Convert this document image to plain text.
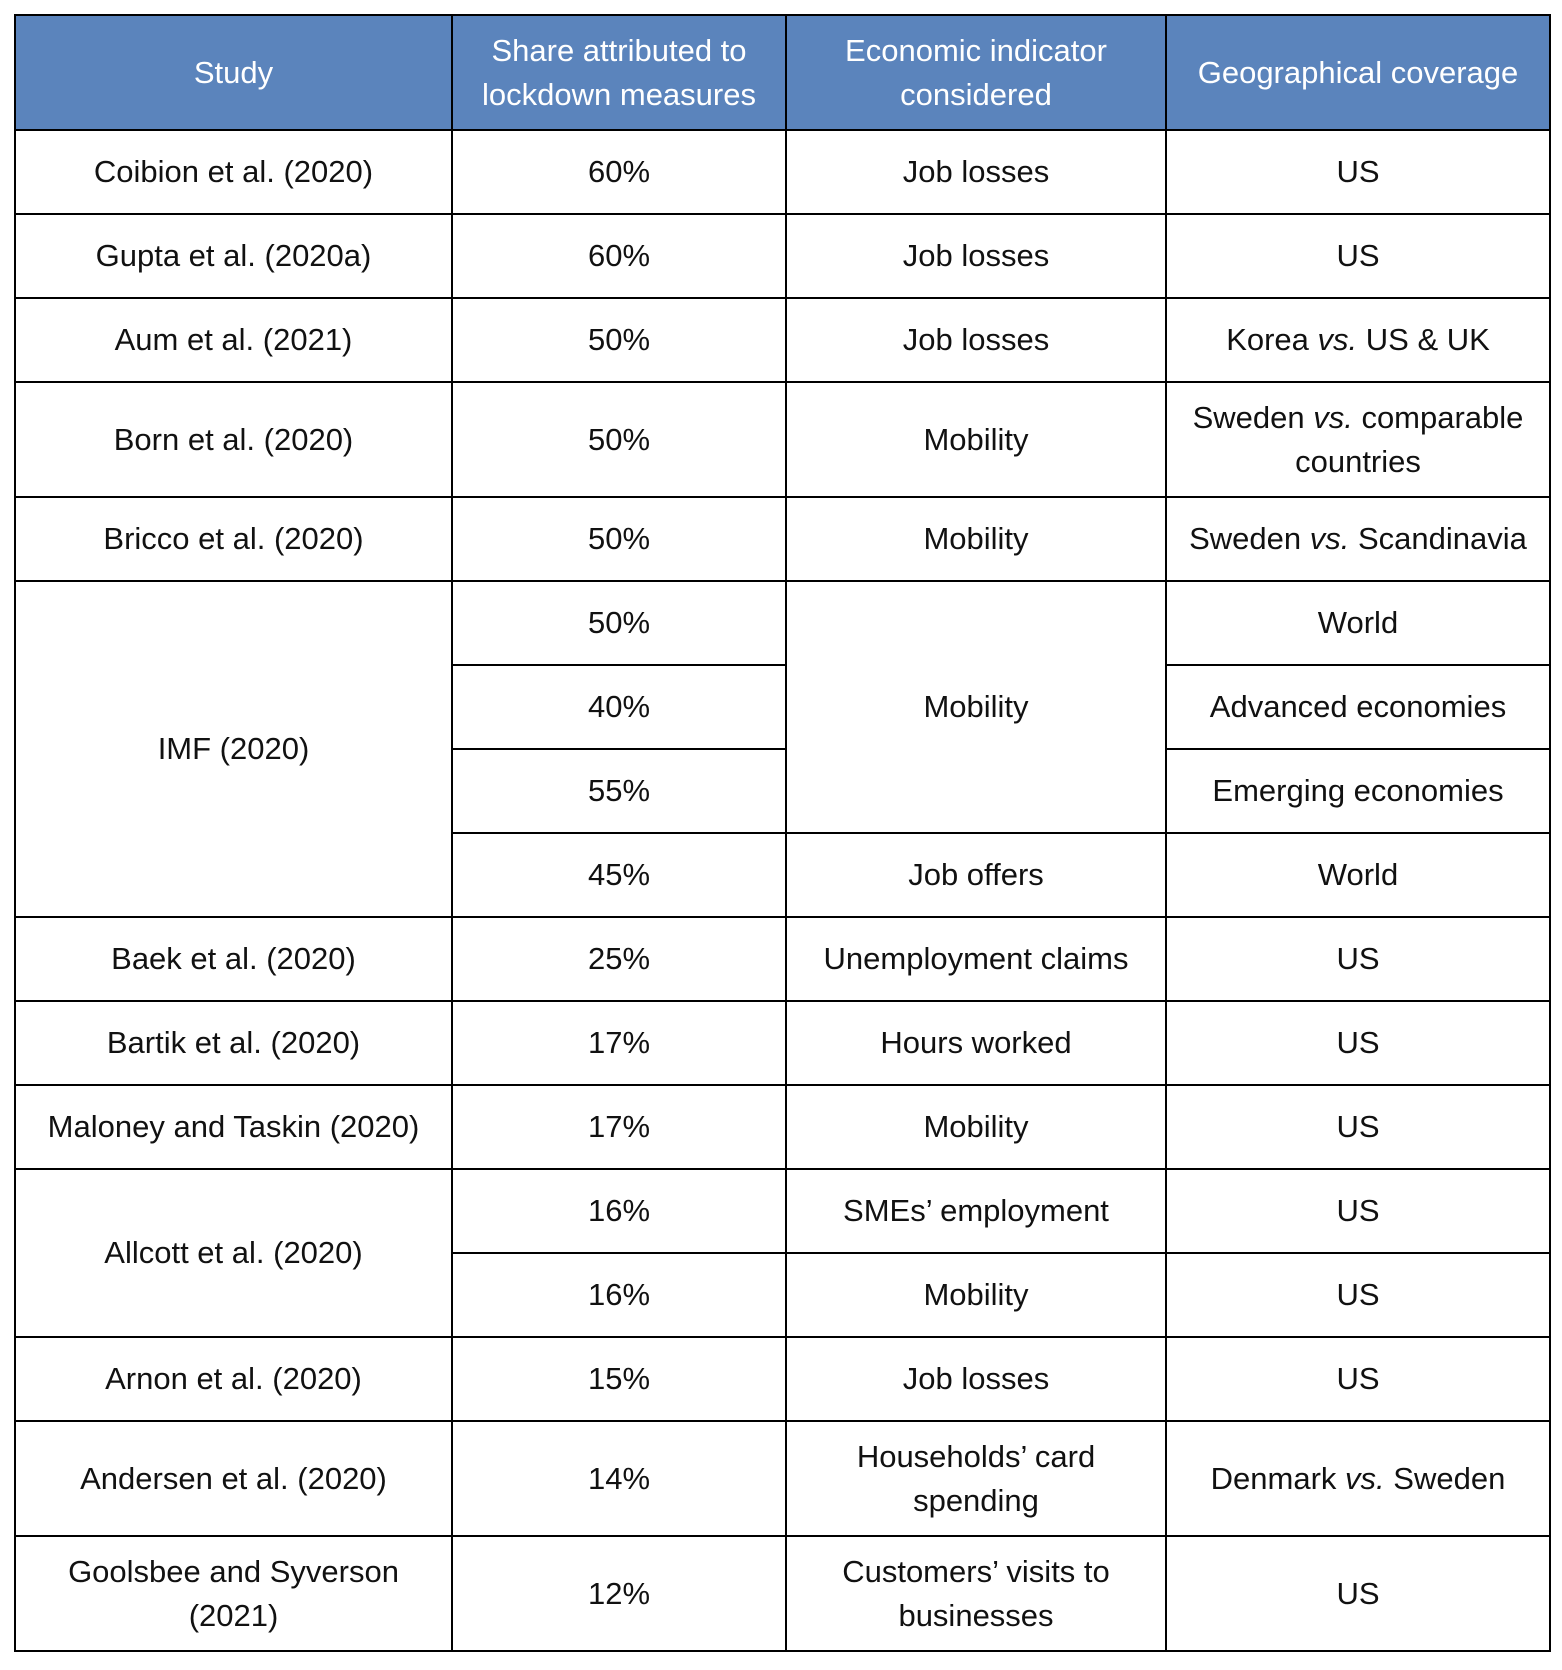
Study	Share attributed to lockdown measures	Economic indicator considered	Geographical coverage
Coibion et al. (2020)	60%	Job losses	US
Gupta et al. (2020a)	60%	Job losses	US
Aum et al. (2021)	50%	Job losses	Korea vs. US & UK
Born et al. (2020)	50%	Mobility	Sweden vs. comparable countries
Bricco et al. (2020)	50%	Mobility	Sweden vs. Scandinavia
IMF (2020)	50%	Mobility	World
	40%		Advanced economies
	55%		Emerging economies
	45%	Job offers	World
Baek et al. (2020)	25%	Unemployment claims	US
Bartik et al. (2020)	17%	Hours worked	US
Maloney and Taskin (2020)	17%	Mobility	US
Allcott et al. (2020)	16%	SMEs’ employment	US
	16%	Mobility	US
Arnon et al. (2020)	15%	Job losses	US
Andersen et al. (2020)	14%	Households’ card spending	Denmark vs. Sweden
Goolsbee and Syverson (2021)	12%	Customers’ visits to businesses	US
